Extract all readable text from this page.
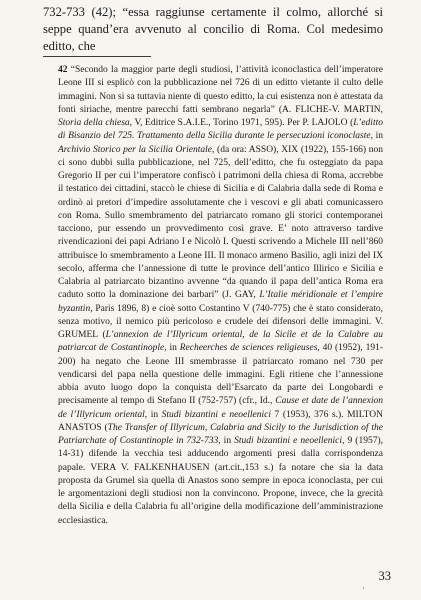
732-733 (42); “essa raggiunse certamente il colmo, allorché si seppe quand’era avvenuto al concilio di Roma. Col medesimo editto, che

42 “Secondo la maggior parte degli studiosi, l’attività iconoclastica dell’imperatore Leone III si esplicò con la pubblicazione nel 726 di un editto vietante il culto delle immagini. Non si sa tuttavia niente di questo editto, la cui esistenza non è attestata da fonti siriache, mentre parecchi fatti sembrano negarla” (A. FLICHE-V. MARTIN, Storia della chiesa, V, Editrice S.A.I.E., Torino 1971, 595). Per P. LAJOLO (L’editto di Bisanzio del 725. Trattamento della Sicilia durante le persecuzioni iconoclaste, in Archivio Storico per la Sicilia Orientale, (da ora: ASSO), XIX (1922), 155-166) non ci sono dubbi sulla pubblicazione, nel 725, dell’editto, che fu osteggiato da papa Gregorio II per cui l’imperatore confiscò i patrimoni della chiesa di Roma, accrebbe il testatico dei cittadini, staccò le chiese di Sicilia e di Calabria dalla sede di Roma e ordinò ai pretori d’impedire assolutamente che i vescovi e gli abati comunicassero con Roma. Sullo smembramento del patriarcato romano gli storici contemporanei tacciono, pur essendo un provvedimento così grave. E’ noto attraverso tardive rivendicazioni dei papi Adriano I e Nicolò I. Questi scrivendo a Michele III nell’860 attribuisce lo smembramento a Leone III. Il monaco armeno Basilio, agli inizi del IX secolo, afferma che l’annessione di tutte le province dell’antico Illirico e Sicilia e Calabria al patriarcato bizantino avvenne “da quando il papa dell’antica Roma era caduto sotto la dominazione dei barbari” (J. GAY, L’Italie méridionale et l’empire byzantin, Paris 1896, 8) e cioè sotto Costantino V (740-775) che è stato considerato, senza motivo, il nemico più pericoloso e crudele dei difensori delle immagini. V. GRUMEL (L’annexion de l’Illyricum oriental, de la Sicile et de la Calabre au patriarcat de Costantinople, in Recheerches de sciences religieuses, 40 (1952), 191-200) ha negato che Leone III smembrasse il patriarcato romano nel 730 per vendicarsi del papa nella questione delle immagini. Egli ritiene che l’annessione abbia avuto luogo dopo la conquista dell’Esarcato da parte dei Longobardi e precisamente al tempo di Stefano II (752-757) (cfr., Id., Cause et date de l’annexion de l’Illyricum oriental, in Studi bizantini e neoellenici 7 (1953), 376 s.). MILTON ANASTOS (The Transfer of Illyricum, Calabria and Sicily to the Jurisdiction of the Patriarchate of Costantinople in 732-733, in Studi bizantini e neoellenici, 9 (1957), 14-31) difende la vecchia tesi adducendo argomenti presi dalla corrispondenza papale. VERA V. FALKENHAUSEN (art.cit.,153 s.) fa notare che sia la data proposta da Grumel sia quella di Anastos sono sempre in epoca iconoclasta, per cui le argomentazioni degli studiosi non la convincono. Propone, invece, che la grecità della Sicilia e della Calabria fu all’origine della modificazione dell’amministrazione ecclesiastica.

·
33
